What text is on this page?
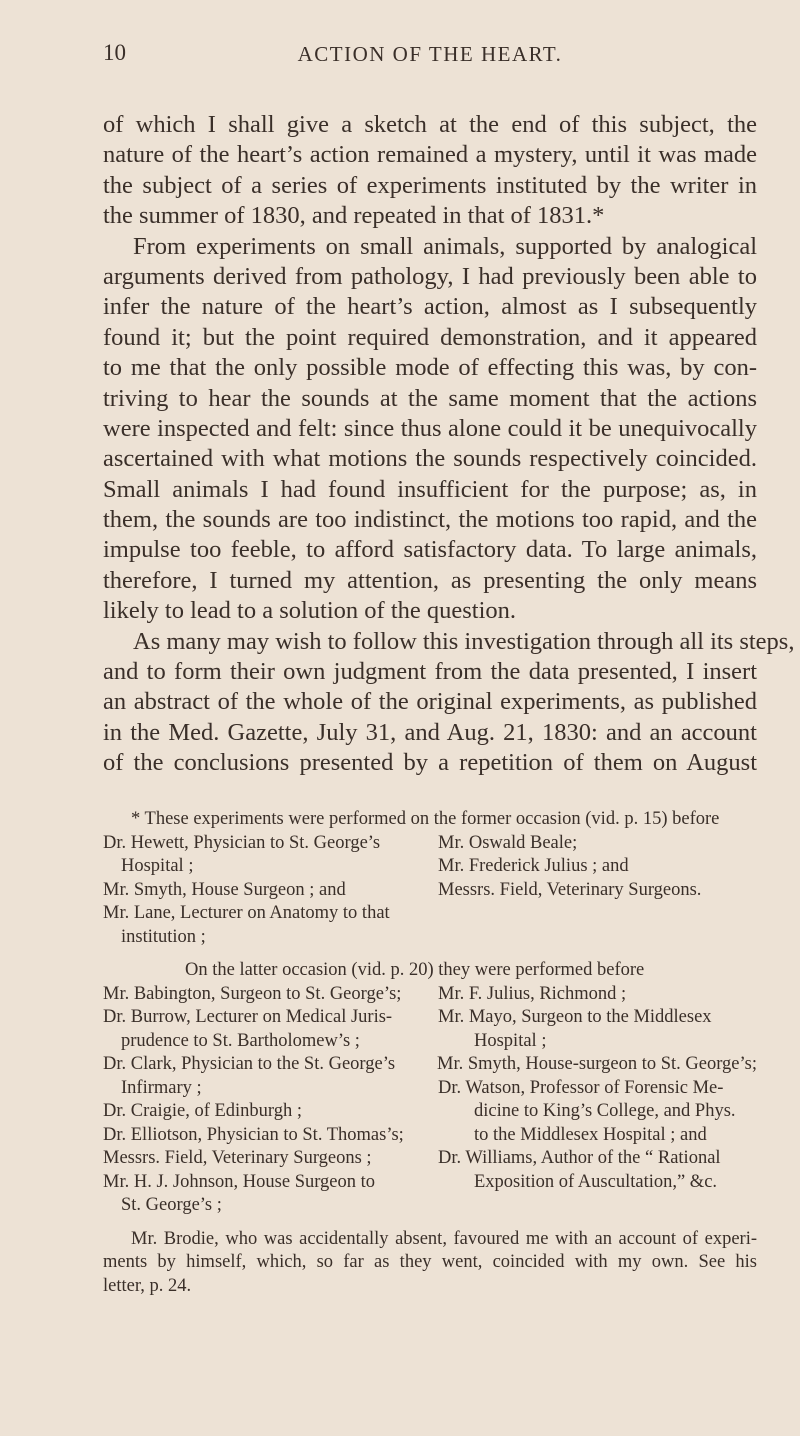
10	ACTION OF THE HEART.
of which I shall give a sketch at the end of this subject, the
nature of the heart’s action remained a mystery, until it was made
the subject of a series of experiments instituted by the writer in
the summer of 1830, and repeated in that of 1831.*
From experiments on small animals, supported by analogical
arguments derived from pathology, I had previously been able to
infer the nature of the heart’s action, almost as I subsequently
found it; but the point required demonstration, and it appeared
to me that the only possible mode of effecting this was, by con-
triving to hear the sounds at the same moment that the actions
were inspected and felt: since thus alone could it be unequivocally
ascertained with what motions the sounds respectively coincided.
Small animals I had found insufficient for the purpose; as, in
them, the sounds are too indistinct, the motions too rapid, and the
impulse too feeble, to afford satisfactory data. To large animals,
therefore, I turned my attention, as presenting the only means
likely to lead to a solution of the question.
As many may wish to follow this investigation through all its steps,
and to form their own judgment from the data presented, I insert
an abstract of the whole of the original experiments, as published
in the Med. Gazette, July 31, and Aug. 21, 1830: and an account
of the conclusions presented by a repetition of them on August
* These experiments were performed on the former occasion (vid. p. 15) before
Dr. Hewett, Physician to St. George’s	Mr. Oswald Beale;
Hospital ;	Mr. Frederick Julius ; and
Mr. Smyth, House Surgeon ; and	Messrs. Field, Veterinary Surgeons.
Mr. Lane, Lecturer on Anatomy to that
institution ;
On the latter occasion (vid. p. 20) they were performed before
Mr. Babington, Surgeon to St. George’s;	Mr. F. Julius, Richmond ;
Dr. Burrow, Lecturer on Medical Juris-	Mr. Mayo, Surgeon to the Middlesex
prudence to St. Bartholomew’s ;	Hospital ;
Dr. Clark, Physician to the St. George’s	Mr. Smyth, House-surgeon to St. George’s;
Infirmary ;	Dr. Watson, Professor of Forensic Me-
Dr. Craigie, of Edinburgh ;	dicine to King’s College, and Phys.
Dr. Elliotson, Physician to St. Thomas’s;	to the Middlesex Hospital ; and
Messrs. Field, Veterinary Surgeons ;	Dr. Williams, Author of the “ Rational
Mr. H. J. Johnson, House Surgeon to	Exposition of Auscultation,” &c.
St. George’s ;
Mr. Brodie, who was accidentally absent, favoured me with an account of experi-
ments by himself, which, so far as they went, coincided with my own. See his
letter, p. 24.
